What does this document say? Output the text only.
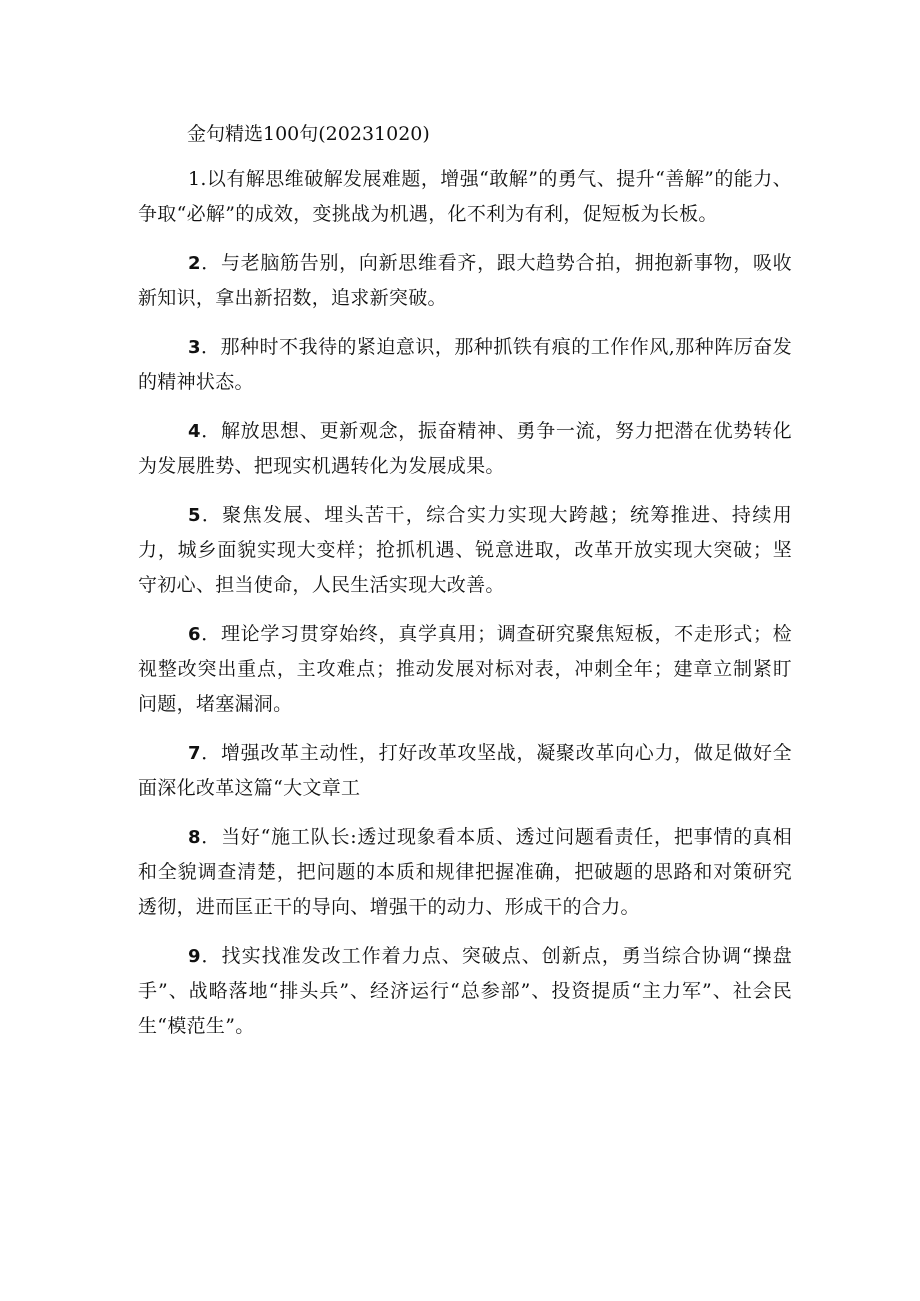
金句精选100句(20231020)

1.以有解思维破解发展难题，增强“敢解”的勇气、提升“善解”的能力、争取“必解”的成效，变挑战为机遇，化不利为有利，促短板为长板。

2．与老脑筋告别，向新思维看齐，跟大趋势合拍，拥抱新事物，吸收新知识，拿出新招数，追求新突破。

3．那种时不我待的紧迫意识，那种抓铁有痕的工作作风,那种阵厉奋发的精神状态。

4．解放思想、更新观念，振奋精神、勇争一流，努力把潜在优势转化为发展胜势、把现实机遇转化为发展成果。

5．聚焦发展、埋头苦干，综合实力实现大跨越；统筹推进、持续用力，城乡面貌实现大变样；抢抓机遇、锐意进取，改革开放实现大突破；坚守初心、担当使命，人民生活实现大改善。

6．理论学习贯穿始终，真学真用；调查研究聚焦短板，不走形式；检视整改突出重点，主攻难点；推动发展对标对表，冲刺全年；建章立制紧盯问题，堵塞漏洞。

7．增强改革主动性，打好改革攻坚战，凝聚改革向心力，做足做好全面深化改革这篇“大文章工

8．当好“施工队长:透过现象看本质、透过问题看责任，把事情的真相和全貌调查清楚，把问题的本质和规律把握准确，把破题的思路和对策研究透彻，进而匡正干的导向、增强干的动力、形成干的合力。

9．找实找准发改工作着力点、突破点、创新点，勇当综合协调“操盘手”、战略落地“排头兵”、经济运行“总参部”、投资提质“主力军”、社会民生“模范生”。
